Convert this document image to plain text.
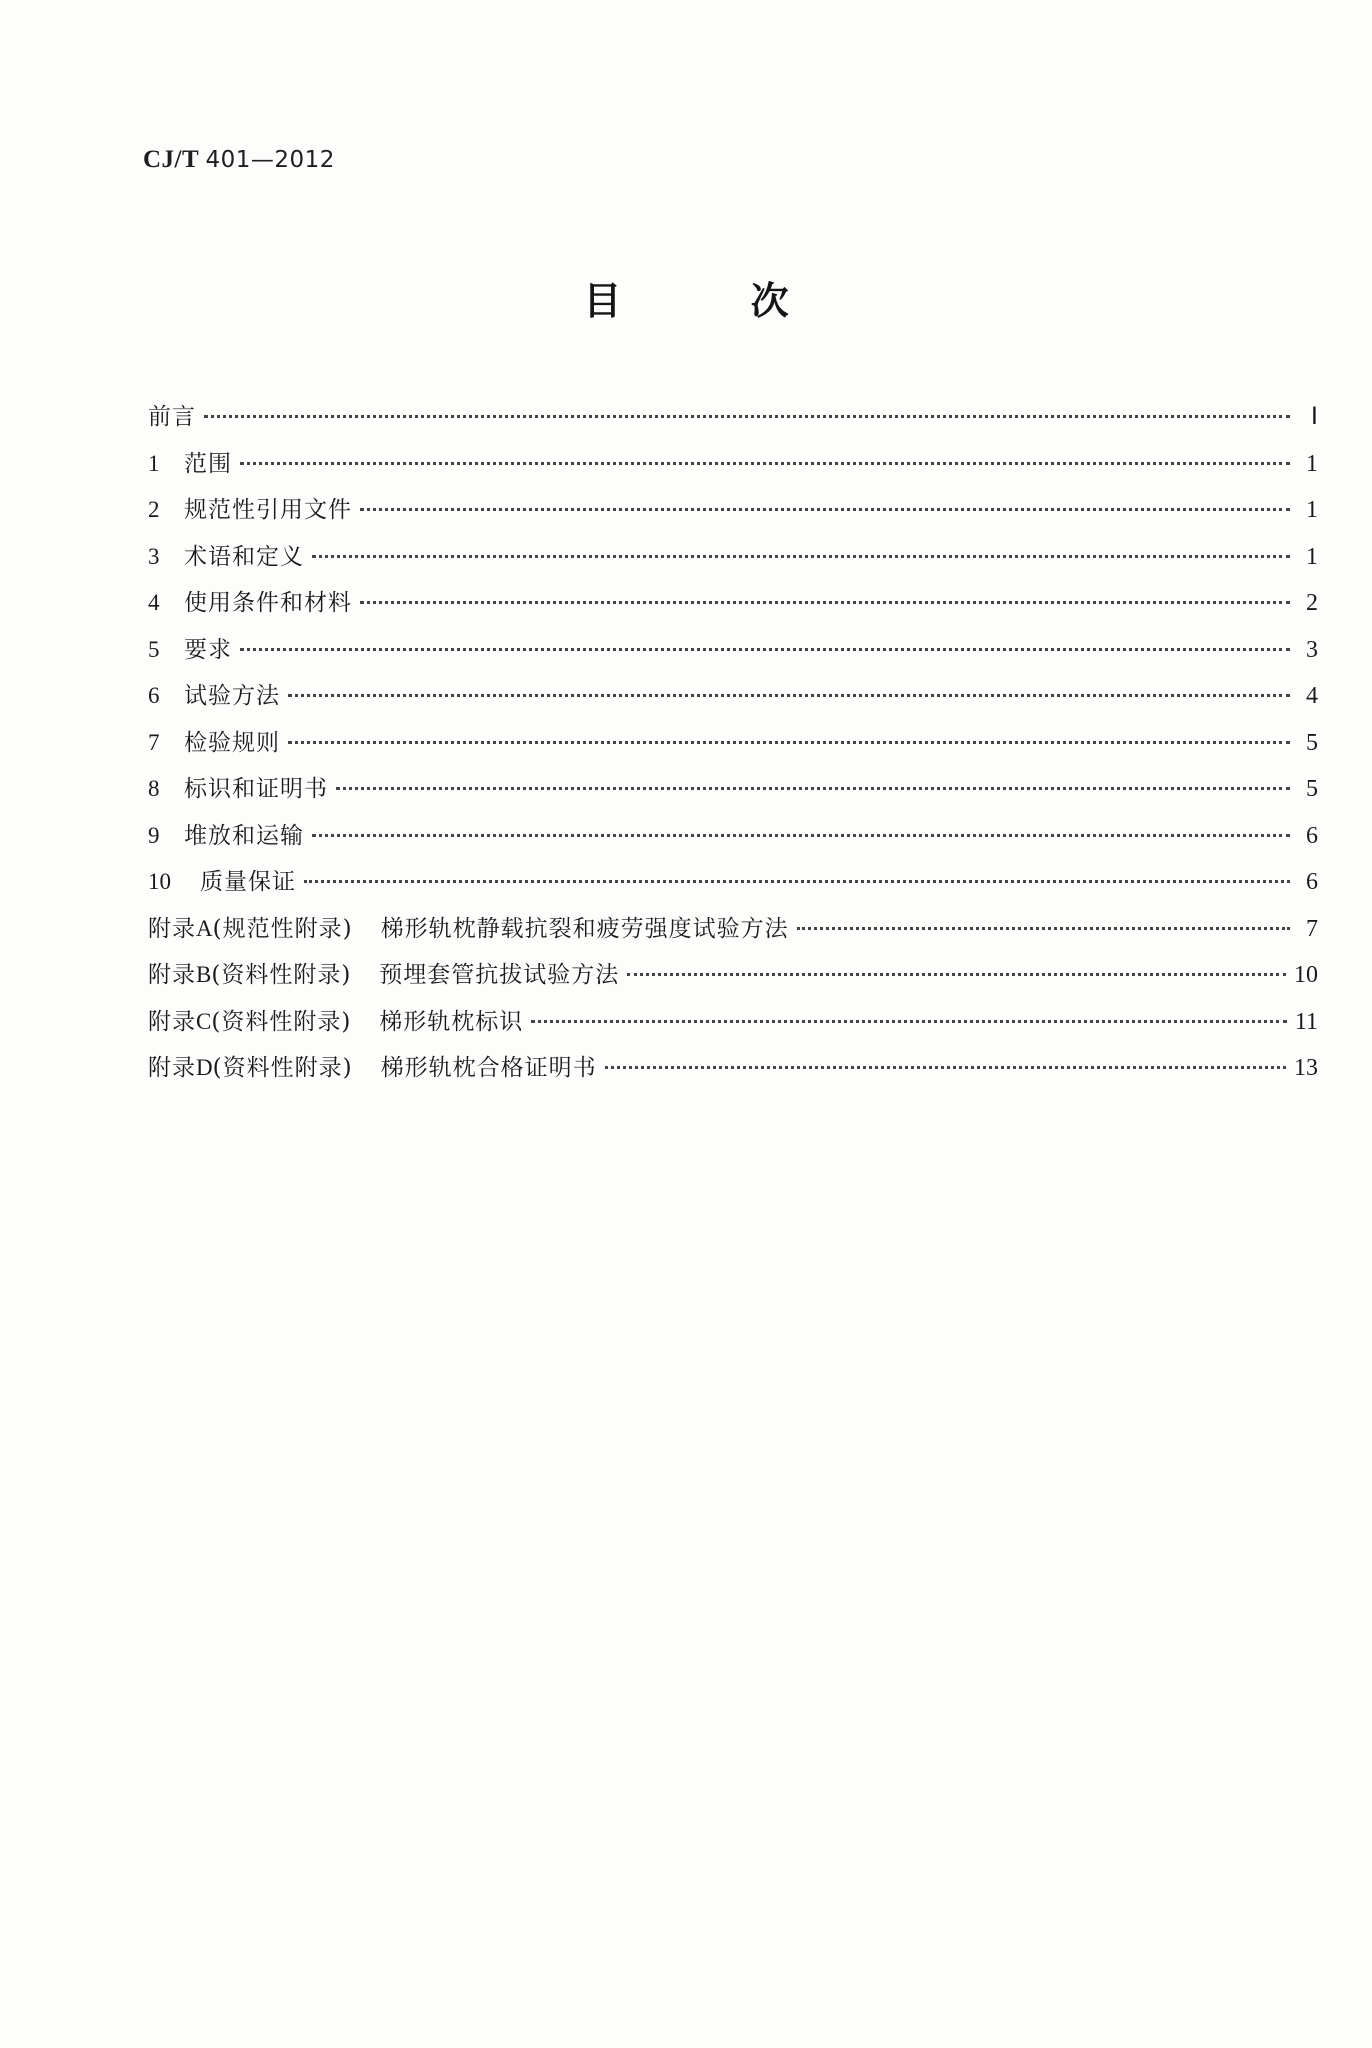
CJ/T 401—2012
目 次
前言	Ⅰ
1	范围	1
2	规范性引用文件	1
3	术语和定义	1
4	使用条件和材料	2
5	要求	3
6	试验方法	4
7	检验规则	5
8	标识和证明书	5
9	堆放和运输	6
10	质量保证	6
附录 A (规范性附录) 梯形轨枕静载抗裂和疲劳强度试验方法	7
附录 B (资料性附录) 预埋套管抗拔试验方法	10
附录 C (资料性附录) 梯形轨枕标识	11
附录 D (资料性附录) 梯形轨枕合格证明书	13
